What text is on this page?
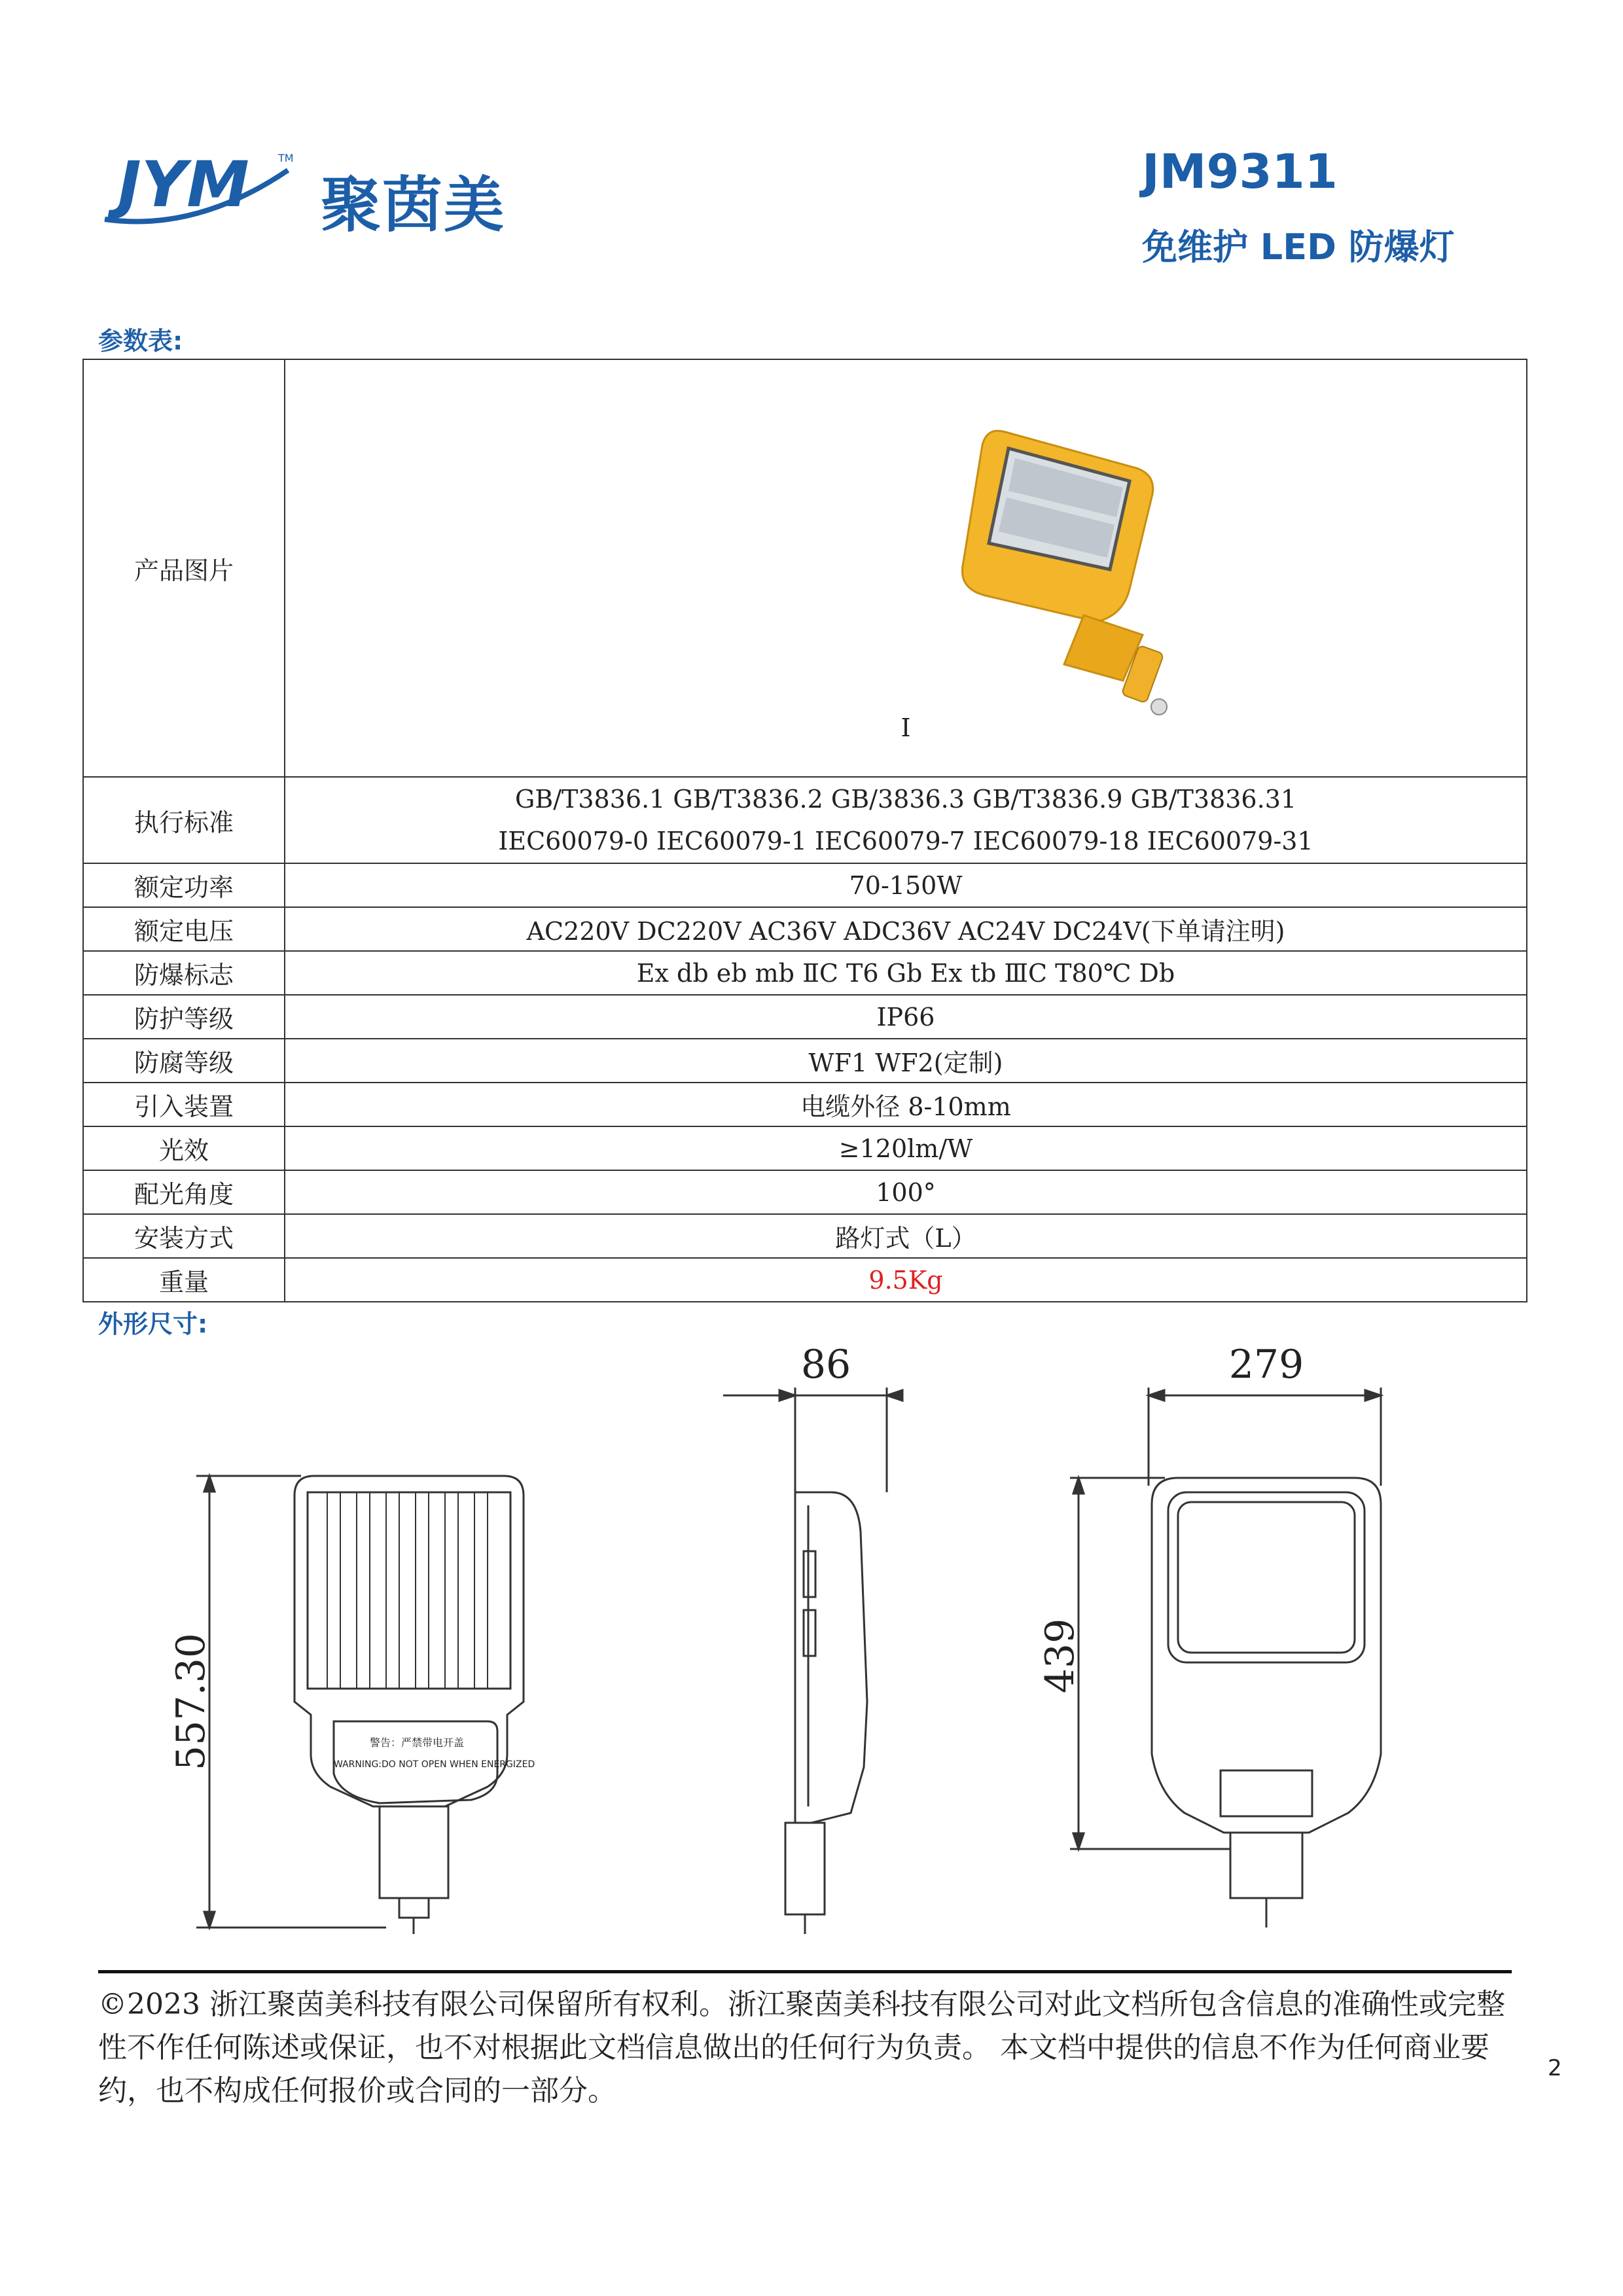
JYM	TM
聚茵美	JM9311
免维护 LED 防爆灯
参数表:
产品图片	I

执行标准	GB/T3836.1 GB/T3836.2 GB/3836.3 GB/T3836.9 GB/T3836.31
IEC60079-0 IEC60079-1 IEC60079-7 IEC60079-18 IEC60079-31

额定功率	70-150W
额定电压	AC220V DC220V AC36V ADC36V AC24V DC24V(下单请注明)
防爆标志	Ex db eb mb ⅡC T6 Gb Ex tb ⅢC T80℃ Db
防护等级	IP66
防腐等级	WF1 WF2(定制)
引入装置	电缆外径 8-10mm
光效	≥120lm/W
配光角度	100°
安装方式	路灯式（L）
重量	9.5Kg
外形尺寸:
警告：严禁带电开盖
WARNING:DO NOT OPEN WHEN ENERGIZED
557.30
86	279
439
©2023 浙江聚茵美科技有限公司保留所有权利。浙江聚茵美科技有限公司对此文档所包含信息的准确性或完整性不作任何陈述或保证，也不对根据此文档信息做出的任何行为负责。 本文档中提供的信息不作为任何商业要约，也不构成任何报价或合同的一部分。
2
